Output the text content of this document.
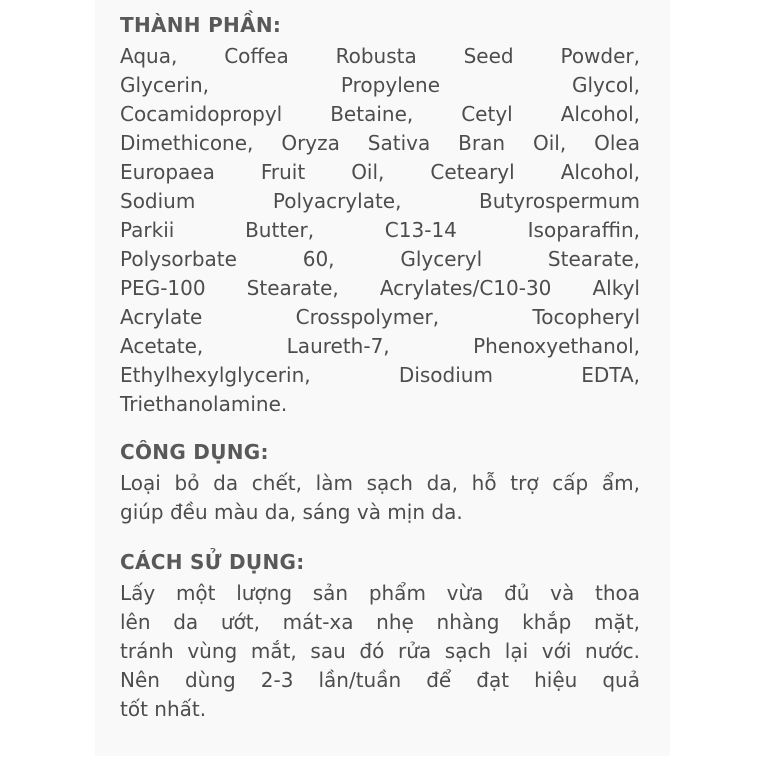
THÀNH PHẦN:

Aqua, Coffea Robusta Seed Powder,

Glycerin, Propylene Glycol,

Cocamidopropyl Betaine, Cetyl Alcohol,

Dimethicone, Oryza Sativa Bran Oil, Olea

Europaea Fruit Oil, Cetearyl Alcohol,

Sodium Polyacrylate, Butyrospermum

Parkii Butter, C13-14 Isoparaffin,

Polysorbate 60, Glyceryl Stearate,

PEG-100 Stearate, Acrylates/C10-30 Alkyl

Acrylate Crosspolymer, Tocopheryl

Acetate, Laureth-7, Phenoxyethanol,

Ethylhexylglycerin, Disodium EDTA,

Triethanolamine.

CÔNG DỤNG:

Loại bỏ da chết, làm sạch da, hỗ trợ cấp ẩm,

giúp đều màu da, sáng và mịn da.

CÁCH SỬ DỤNG:

Lấy một lượng sản phẩm vừa đủ và thoa

lên da ướt, mát-xa nhẹ nhàng khắp mặt,

tránh vùng mắt, sau đó rửa sạch lại với nước.

Nên dùng 2-3 lần/tuần để đạt hiệu quả

tốt nhất.
